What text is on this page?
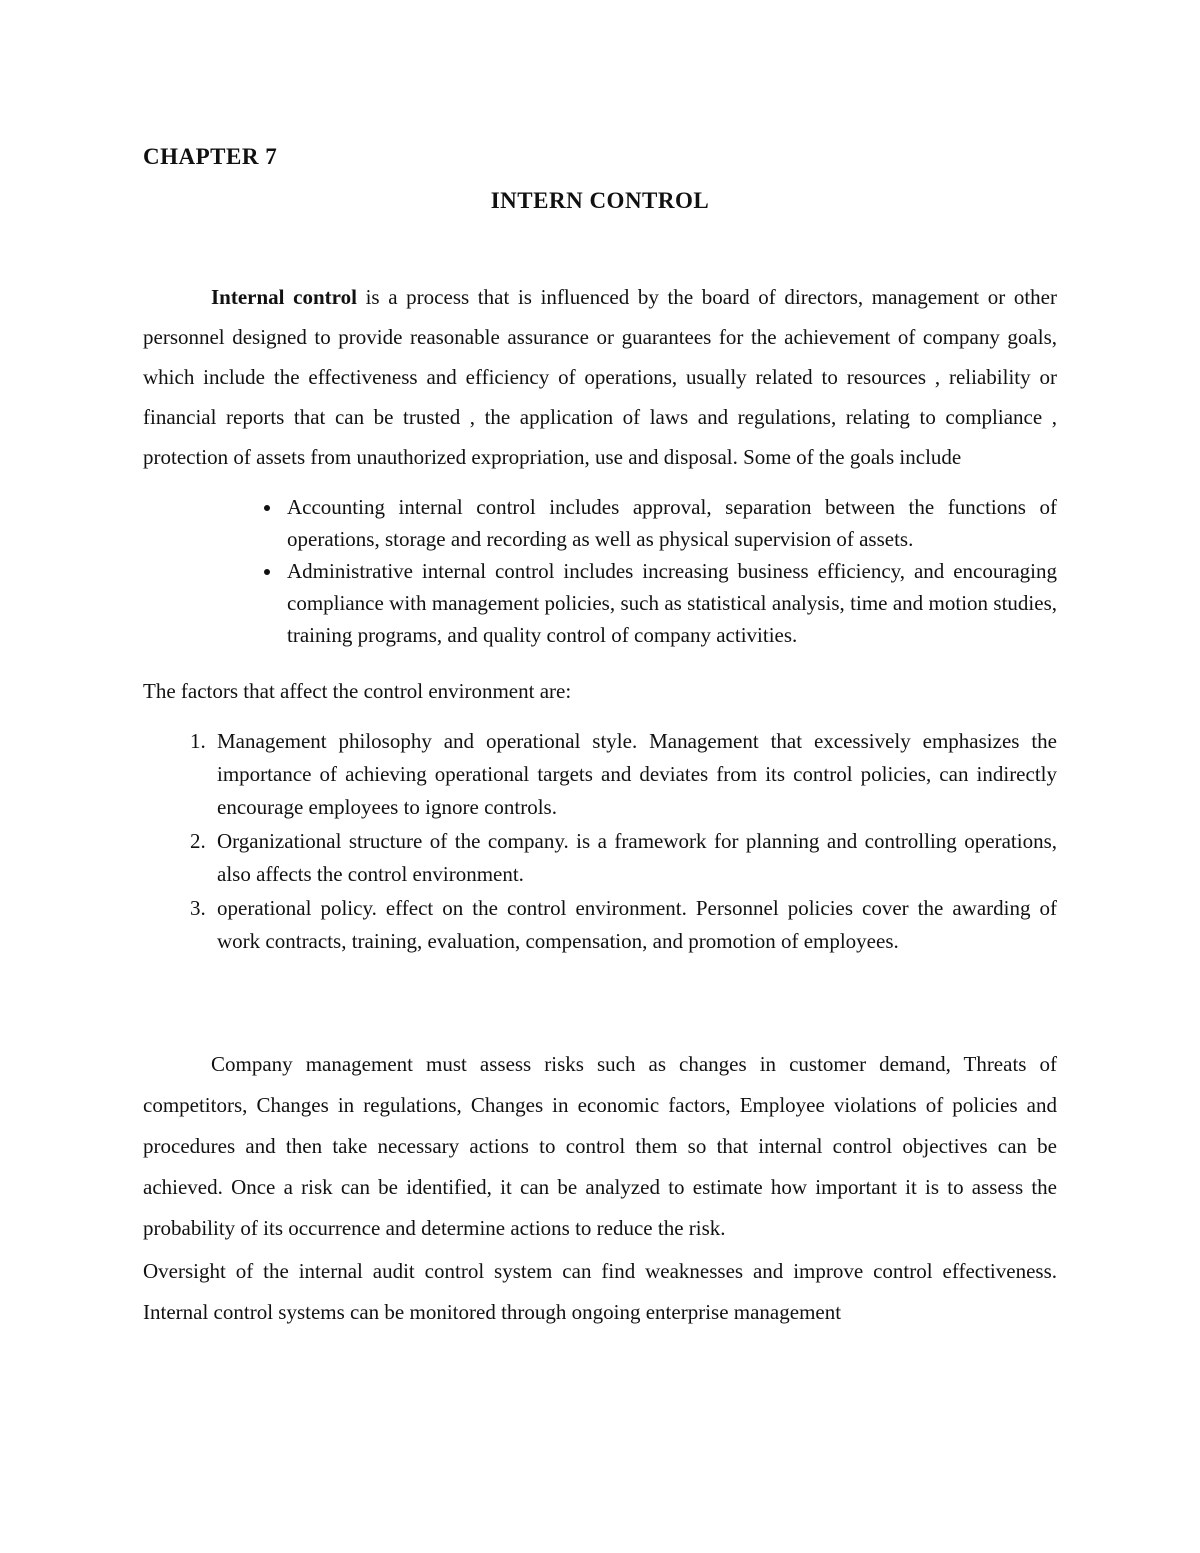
CHAPTER 7
INTERN CONTROL

Internal control is a process that is influenced by the board of directors, management or other personnel designed to provide reasonable assurance or guarantees for the achievement of company goals, which include the effectiveness and efficiency of operations, usually related to resources , reliability or financial reports that can be trusted , the application of laws and regulations, relating to compliance , protection of assets from unauthorized expropriation, use and disposal. Some of the goals include

• Accounting internal control includes approval, separation between the functions of operations, storage and recording as well as physical supervision of assets.
• Administrative internal control includes increasing business efficiency, and encouraging compliance with management policies, such as statistical analysis, time and motion studies, training programs, and quality control of company activities.

The factors that affect the control environment are:

1. Management philosophy and operational style. Management that excessively emphasizes the importance of achieving operational targets and deviates from its control policies, can indirectly encourage employees to ignore controls.
2. Organizational structure of the company. is a framework for planning and controlling operations, also affects the control environment.
3. operational policy. effect on the control environment. Personnel policies cover the awarding of work contracts, training, evaluation, compensation, and promotion of employees.

Company management must assess risks such as changes in customer demand, Threats of competitors, Changes in regulations, Changes in economic factors, Employee violations of policies and procedures and then take necessary actions to control them so that internal control objectives can be achieved. Once a risk can be identified, it can be analyzed to estimate how important it is to assess the probability of its occurrence and determine actions to reduce the risk.

Oversight of the internal audit control system can find weaknesses and improve control effectiveness. Internal control systems can be monitored through ongoing enterprise management
